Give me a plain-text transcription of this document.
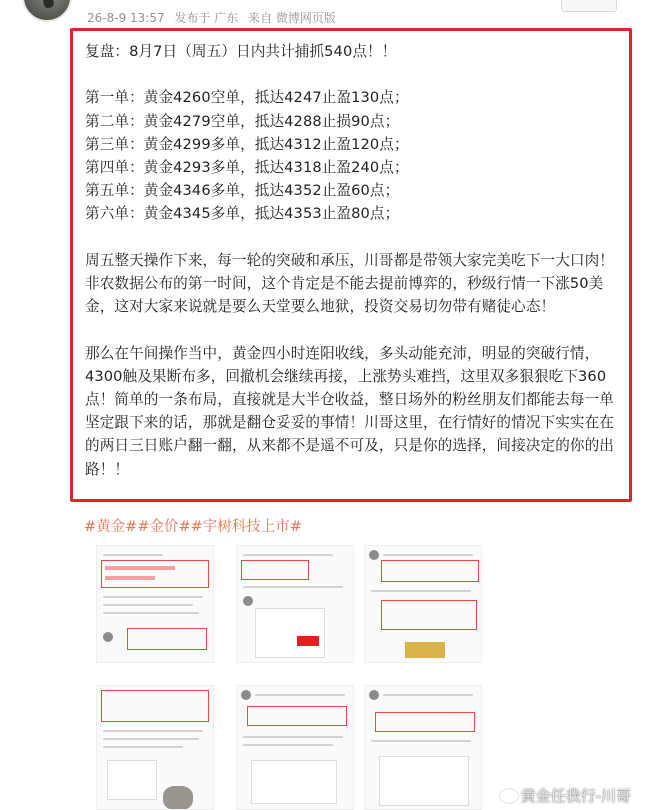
26-8-9 13:57 发布于 广东 来自 微博网页版

复盘：8月7日（周五）日内共计捕抓540点！！

第一单：黄金4260空单，抵达4247止盈130点；

第二单：黄金4279空单，抵达4288止损90点；

第三单：黄金4299多单，抵达4312止盈120点；

第四单：黄金4293多单，抵达4318止盈240点；

第五单：黄金4346多单，抵达4352止盈60点；

第六单：黄金4345多单，抵达4353止盈80点；

周五整天操作下来，每一轮的突破和承压，川哥都是带领大家完美吃下一大口肉！

非农数据公布的第一时间，这个肯定是不能去提前博弈的，秒级行情一下涨50美

金，这对大家来说就是要么天堂要么地狱，投资交易切勿带有赌徒心态！

那么在午间操作当中，黄金四小时连阳收线，多头动能充沛，明显的突破行情，

4300触及果断布多，回撤机会继续再接，上涨势头难挡，这里双多狠狠吃下360

点！简单的一条布局，直接就是大半仓收益，整日场外的粉丝朋友们都能去每一单

坚定跟下来的话，那就是翻仓妥妥的事情！川哥这里，在行情好的情况下实实在在

的两日三日账户翻一翻，从来都不是遥不可及，只是你的选择，间接决定的你的出

路！！

#黄金##金价##宇树科技上市#
黄金任我行-川哥
